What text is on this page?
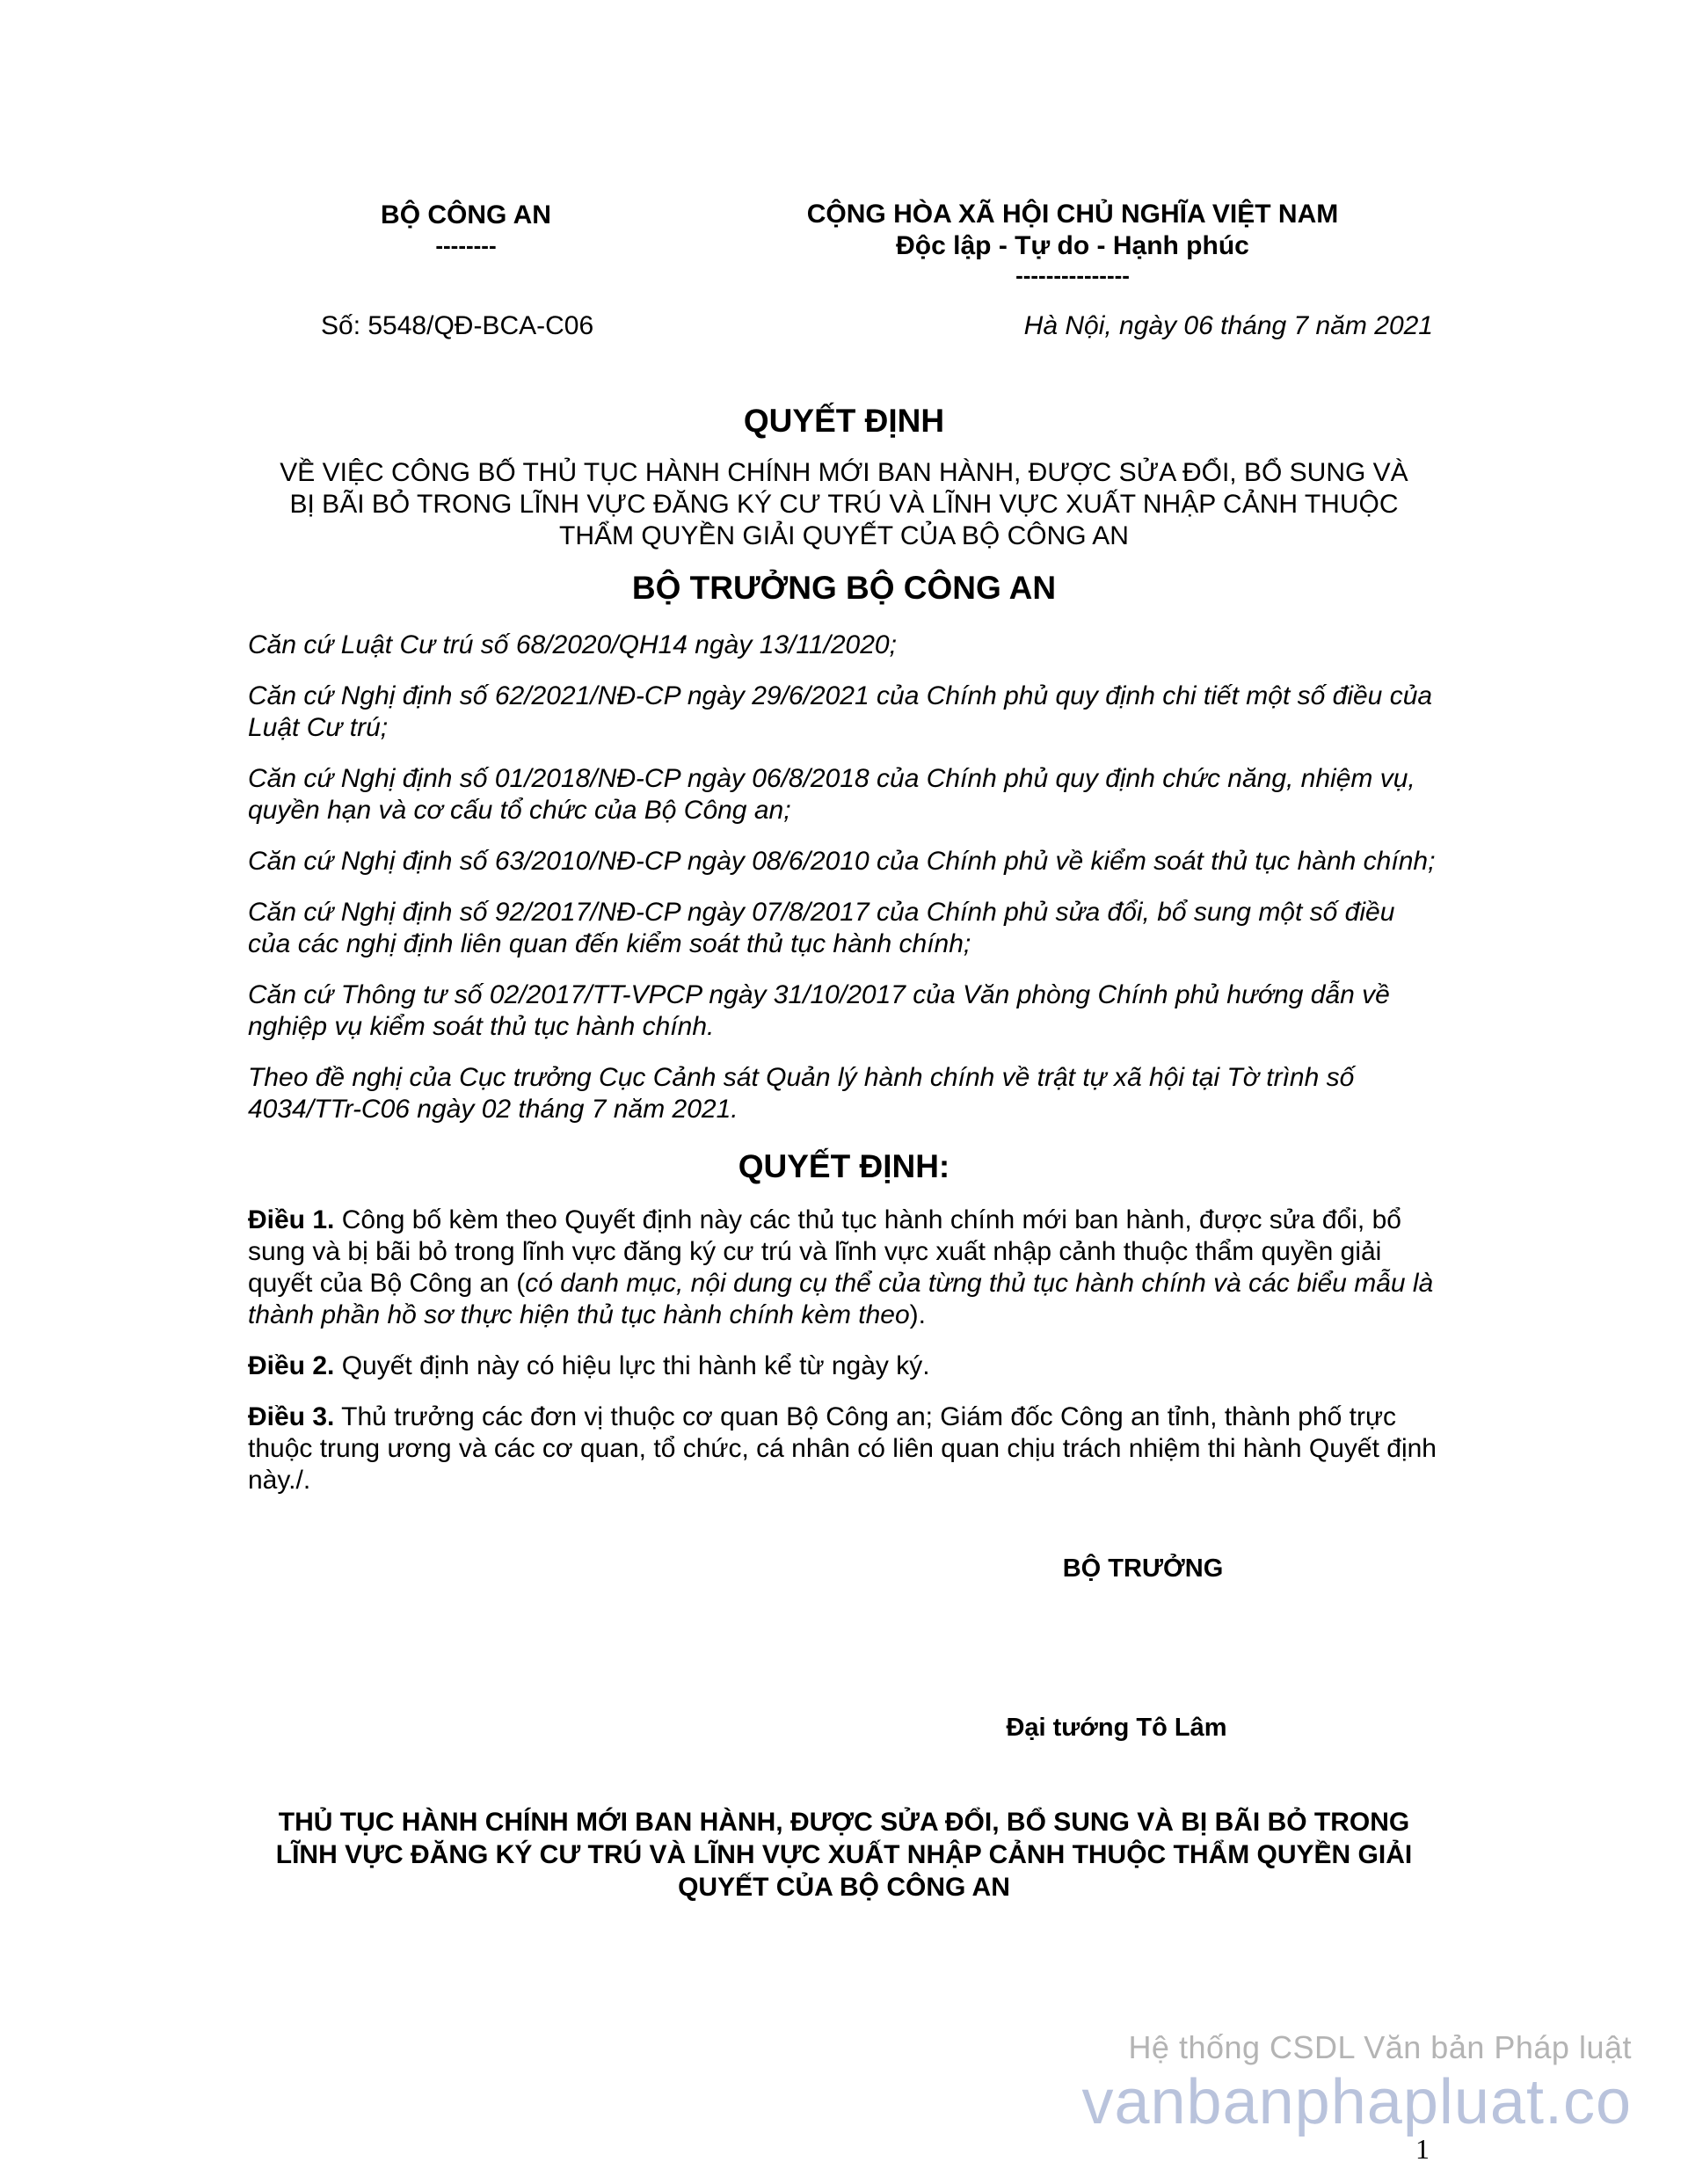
BỘ CÔNG AN
--------
CỘNG HÒA XÃ HỘI CHỦ NGHĨA VIỆT NAM
Độc lập - Tự do - Hạnh phúc
---------------
Số: 5548/QĐ-BCA-C06	Hà Nội, ngày 06 tháng 7 năm 2021
QUYẾT ĐỊNH
VỀ VIỆC CÔNG BỐ THỦ TỤC HÀNH CHÍNH MỚI BAN HÀNH, ĐƯỢC SỬA ĐỔI, BỔ SUNG VÀ
BỊ BÃI BỎ TRONG LĨNH VỰC ĐĂNG KÝ CƯ TRÚ VÀ LĨNH VỰC XUẤT NHẬP CẢNH THUỘC
THẨM QUYỀN GIẢI QUYẾT CỦA BỘ CÔNG AN
BỘ TRƯỞNG BỘ CÔNG AN

Căn cứ Luật Cư trú số 68/2020/QH14 ngày 13/11/2020;

Căn cứ Nghị định số 62/2021/NĐ-CP ngày 29/6/2021 của Chính phủ quy định chi tiết một số điều của Luật Cư trú;

Căn cứ Nghị định số 01/2018/NĐ-CP ngày 06/8/2018 của Chính phủ quy định chức năng, nhiệm vụ, quyền hạn và cơ cấu tổ chức của Bộ Công an;

Căn cứ Nghị định số 63/2010/NĐ-CP ngày 08/6/2010 của Chính phủ về kiểm soát thủ tục hành chính;

Căn cứ Nghị định số 92/2017/NĐ-CP ngày 07/8/2017 của Chính phủ sửa đổi, bổ sung một số điều của các nghị định liên quan đến kiểm soát thủ tục hành chính;

Căn cứ Thông tư số 02/2017/TT-VPCP ngày 31/10/2017 của Văn phòng Chính phủ hướng dẫn về nghiệp vụ kiểm soát thủ tục hành chính.

Theo đề nghị của Cục trưởng Cục Cảnh sát Quản lý hành chính về trật tự xã hội tại Tờ trình số 4034/TTr-C06 ngày 02 tháng 7 năm 2021.

QUYẾT ĐỊNH:

Điều 1. Công bố kèm theo Quyết định này các thủ tục hành chính mới ban hành, được sửa đổi, bổ sung và bị bãi bỏ trong lĩnh vực đăng ký cư trú và lĩnh vực xuất nhập cảnh thuộc thẩm quyền giải quyết của Bộ Công an (có danh mục, nội dung cụ thể của từng thủ tục hành chính và các biểu mẫu là thành phần hồ sơ thực hiện thủ tục hành chính kèm theo).

Điều 2. Quyết định này có hiệu lực thi hành kể từ ngày ký.

Điều 3. Thủ trưởng các đơn vị thuộc cơ quan Bộ Công an; Giám đốc Công an tỉnh, thành phố trực thuộc trung ương và các cơ quan, tổ chức, cá nhân có liên quan chịu trách nhiệm thi hành Quyết định này./.

BỘ TRƯỞNG
Đại tướng Tô Lâm
THỦ TỤC HÀNH CHÍNH MỚI BAN HÀNH, ĐƯỢC SỬA ĐỔI, BỔ SUNG VÀ BỊ BÃI BỎ TRONG
LĨNH VỰC ĐĂNG KÝ CƯ TRÚ VÀ LĨNH VỰC XUẤT NHẬP CẢNH THUỘC THẨM QUYỀN GIẢI
QUYẾT CỦA BỘ CÔNG AN
Hệ thống CSDL Văn bản Pháp luật
vanbanphapluat.co
1
